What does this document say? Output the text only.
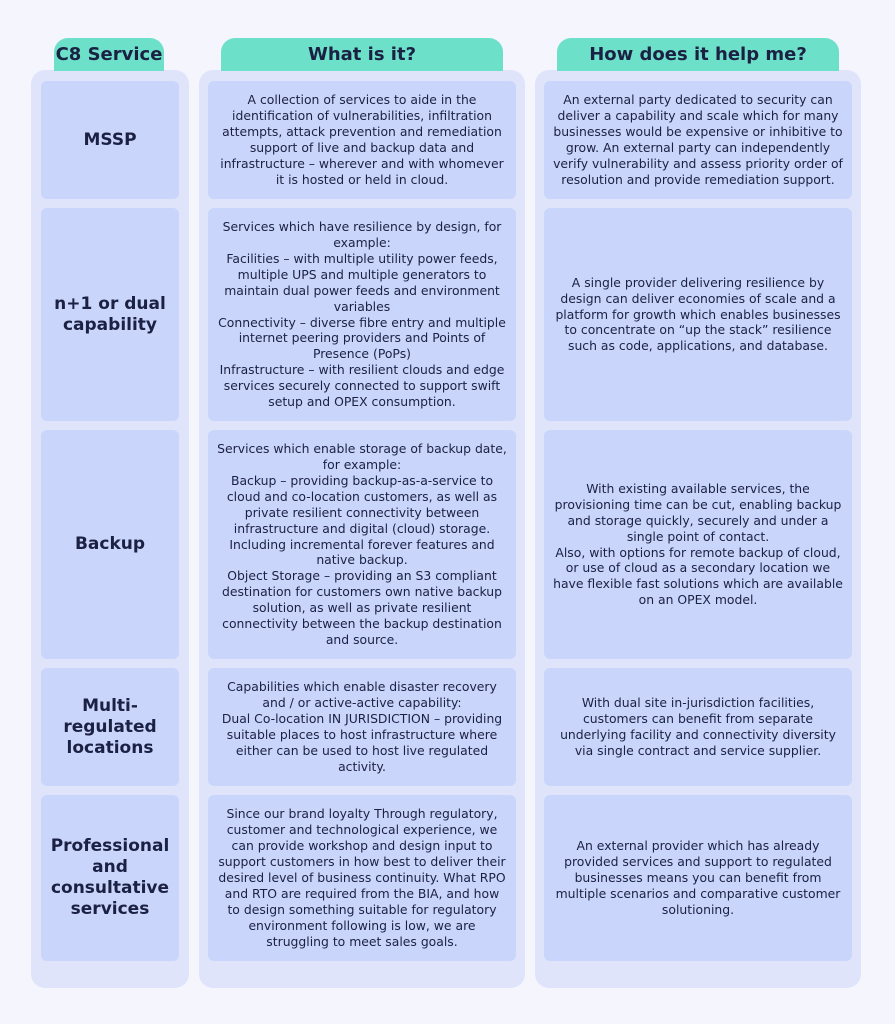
C8 Service	What is it?	How does it help me?
MSSP
A collection of services to aide in the
identification of vulnerabilities, infiltration
attempts, attack prevention and remediation
support of live and backup data and
infrastructure – wherever and with whomever
it is hosted or held in cloud.
An external party dedicated to security can
deliver a capability and scale which for many
businesses would be expensive or inhibitive to
grow. An external party can independently
verify vulnerability and assess priority order of
resolution and provide remediation support.
n+1 or dual capability
Services which have resilience by design, for
example:
Facilities – with multiple utility power feeds,
multiple UPS and multiple generators to
maintain dual power feeds and environment
variables
Connectivity – diverse fibre entry and multiple
internet peering providers and Points of
Presence (PoPs)
Infrastructure – with resilient clouds and edge
services securely connected to support swift
setup and OPEX consumption.
A single provider delivering resilience by
design can deliver economies of scale and a
platform for growth which enables businesses
to concentrate on “up the stack” resilience
such as code, applications, and database.
Backup
Services which enable storage of backup date,
for example:
Backup – providing backup-as-a-service to
cloud and co-location customers, as well as
private resilient connectivity between
infrastructure and digital (cloud) storage.
Including incremental forever features and
native backup.
Object Storage – providing an S3 compliant
destination for customers own native backup
solution, as well as private resilient
connectivity between the backup destination
and source.
With existing available services, the
provisioning time can be cut, enabling backup
and storage quickly, securely and under a
single point of contact.
Also, with options for remote backup of cloud,
or use of cloud as a secondary location we
have flexible fast solutions which are available
on an OPEX model.
Multi- regulated locations
Capabilities which enable disaster recovery
and / or active-active capability:
Dual Co-location IN JURISDICTION – providing
suitable places to host infrastructure where
either can be used to host live regulated
activity.
With dual site in-jurisdiction facilities,
customers can benefit from separate
underlying facility and connectivity diversity
via single contract and service supplier.
Professional and consultative services
Since our brand loyalty Through regulatory,
customer and technological experience, we
can provide workshop and design input to
support customers in how best to deliver their
desired level of business continuity. What RPO
and RTO are required from the BIA, and how
to design something suitable for regulatory
environment following is low, we are
struggling to meet sales goals.
An external provider which has already
provided services and support to regulated
businesses means you can benefit from
multiple scenarios and comparative customer
solutioning.
